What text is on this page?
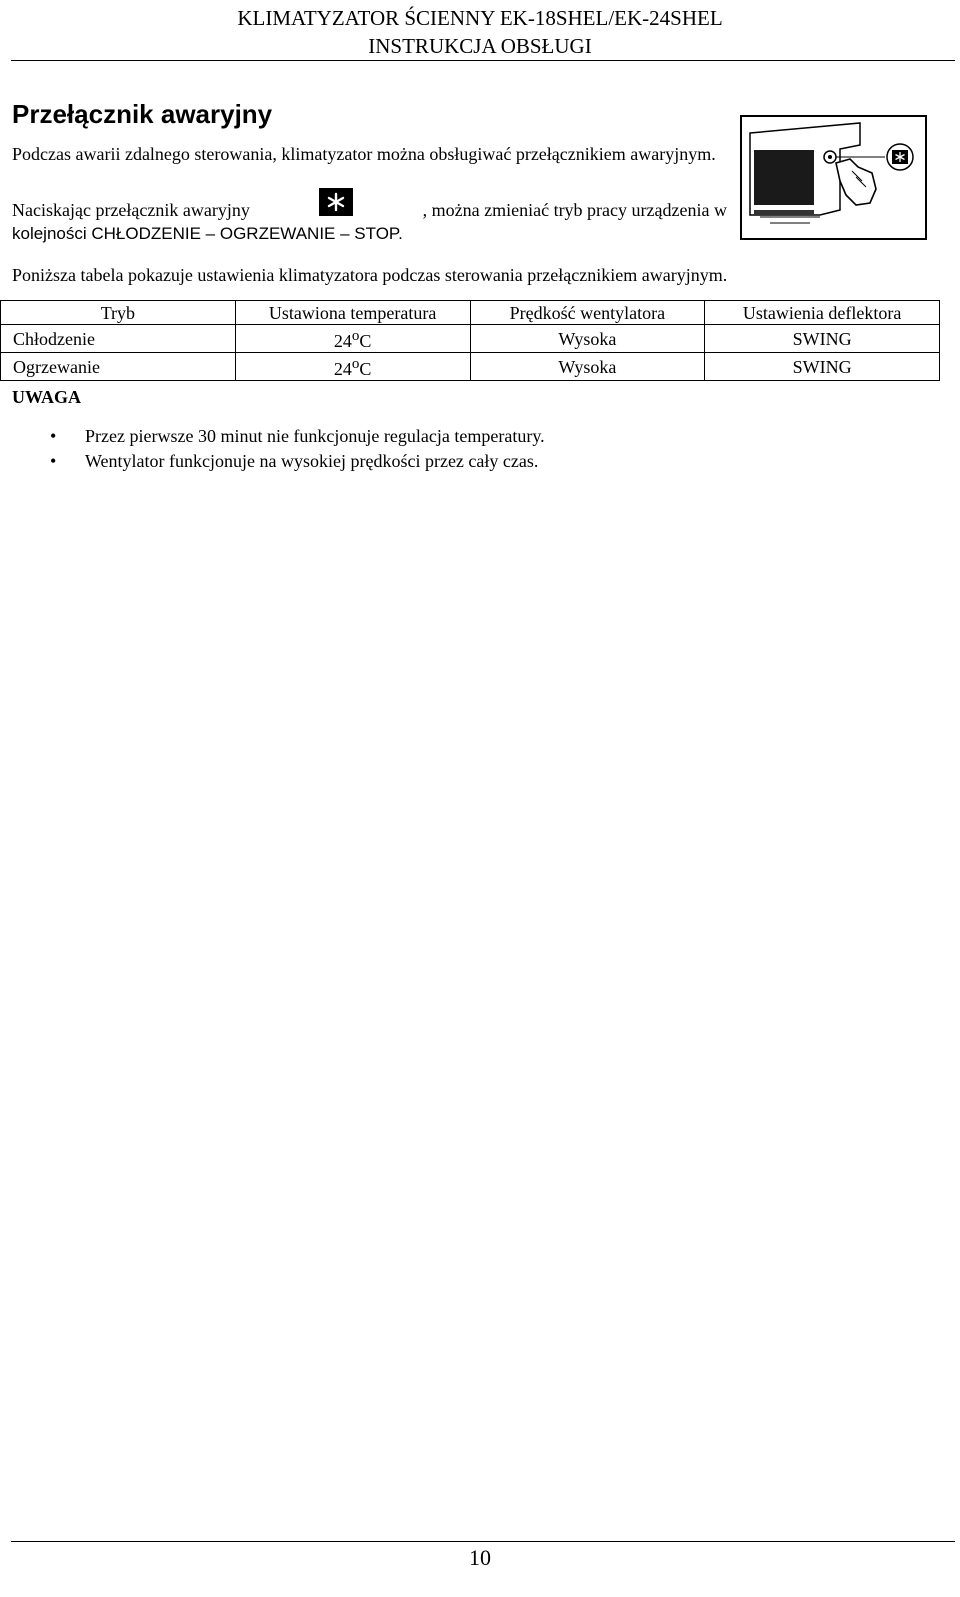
KLIMATYZATOR ŚCIENNY EK-18SHEL/EK-24SHEL
INSTRUKCJA OBSŁUGI
Przełącznik awaryjny
Podczas awarii zdalnego sterowania, klimatyzator można obsługiwać przełącznikiem awaryjnym.
Naciskając przełącznik awaryjny	, można zmieniać tryb pracy urządzenia w
kolejności CHŁODZENIE – OGRZEWANIE – STOP.
Poniższa tabela pokazuje ustawienia klimatyzatora podczas sterowania przełącznikiem awaryjnym.
Tryb	Ustawiona temperatura	Prędkość wentylatora	Ustawienia deflektora
Chłodzenie	24$^o$C	Wysoka	SWING
Ogrzewanie	24$^o$C	Wysoka	SWING
UWAGA
• Przez pierwsze 30 minut nie funkcjonuje regulacja temperatury.
• Wentylator funkcjonuje na wysokiej prędkości przez cały czas.
10
